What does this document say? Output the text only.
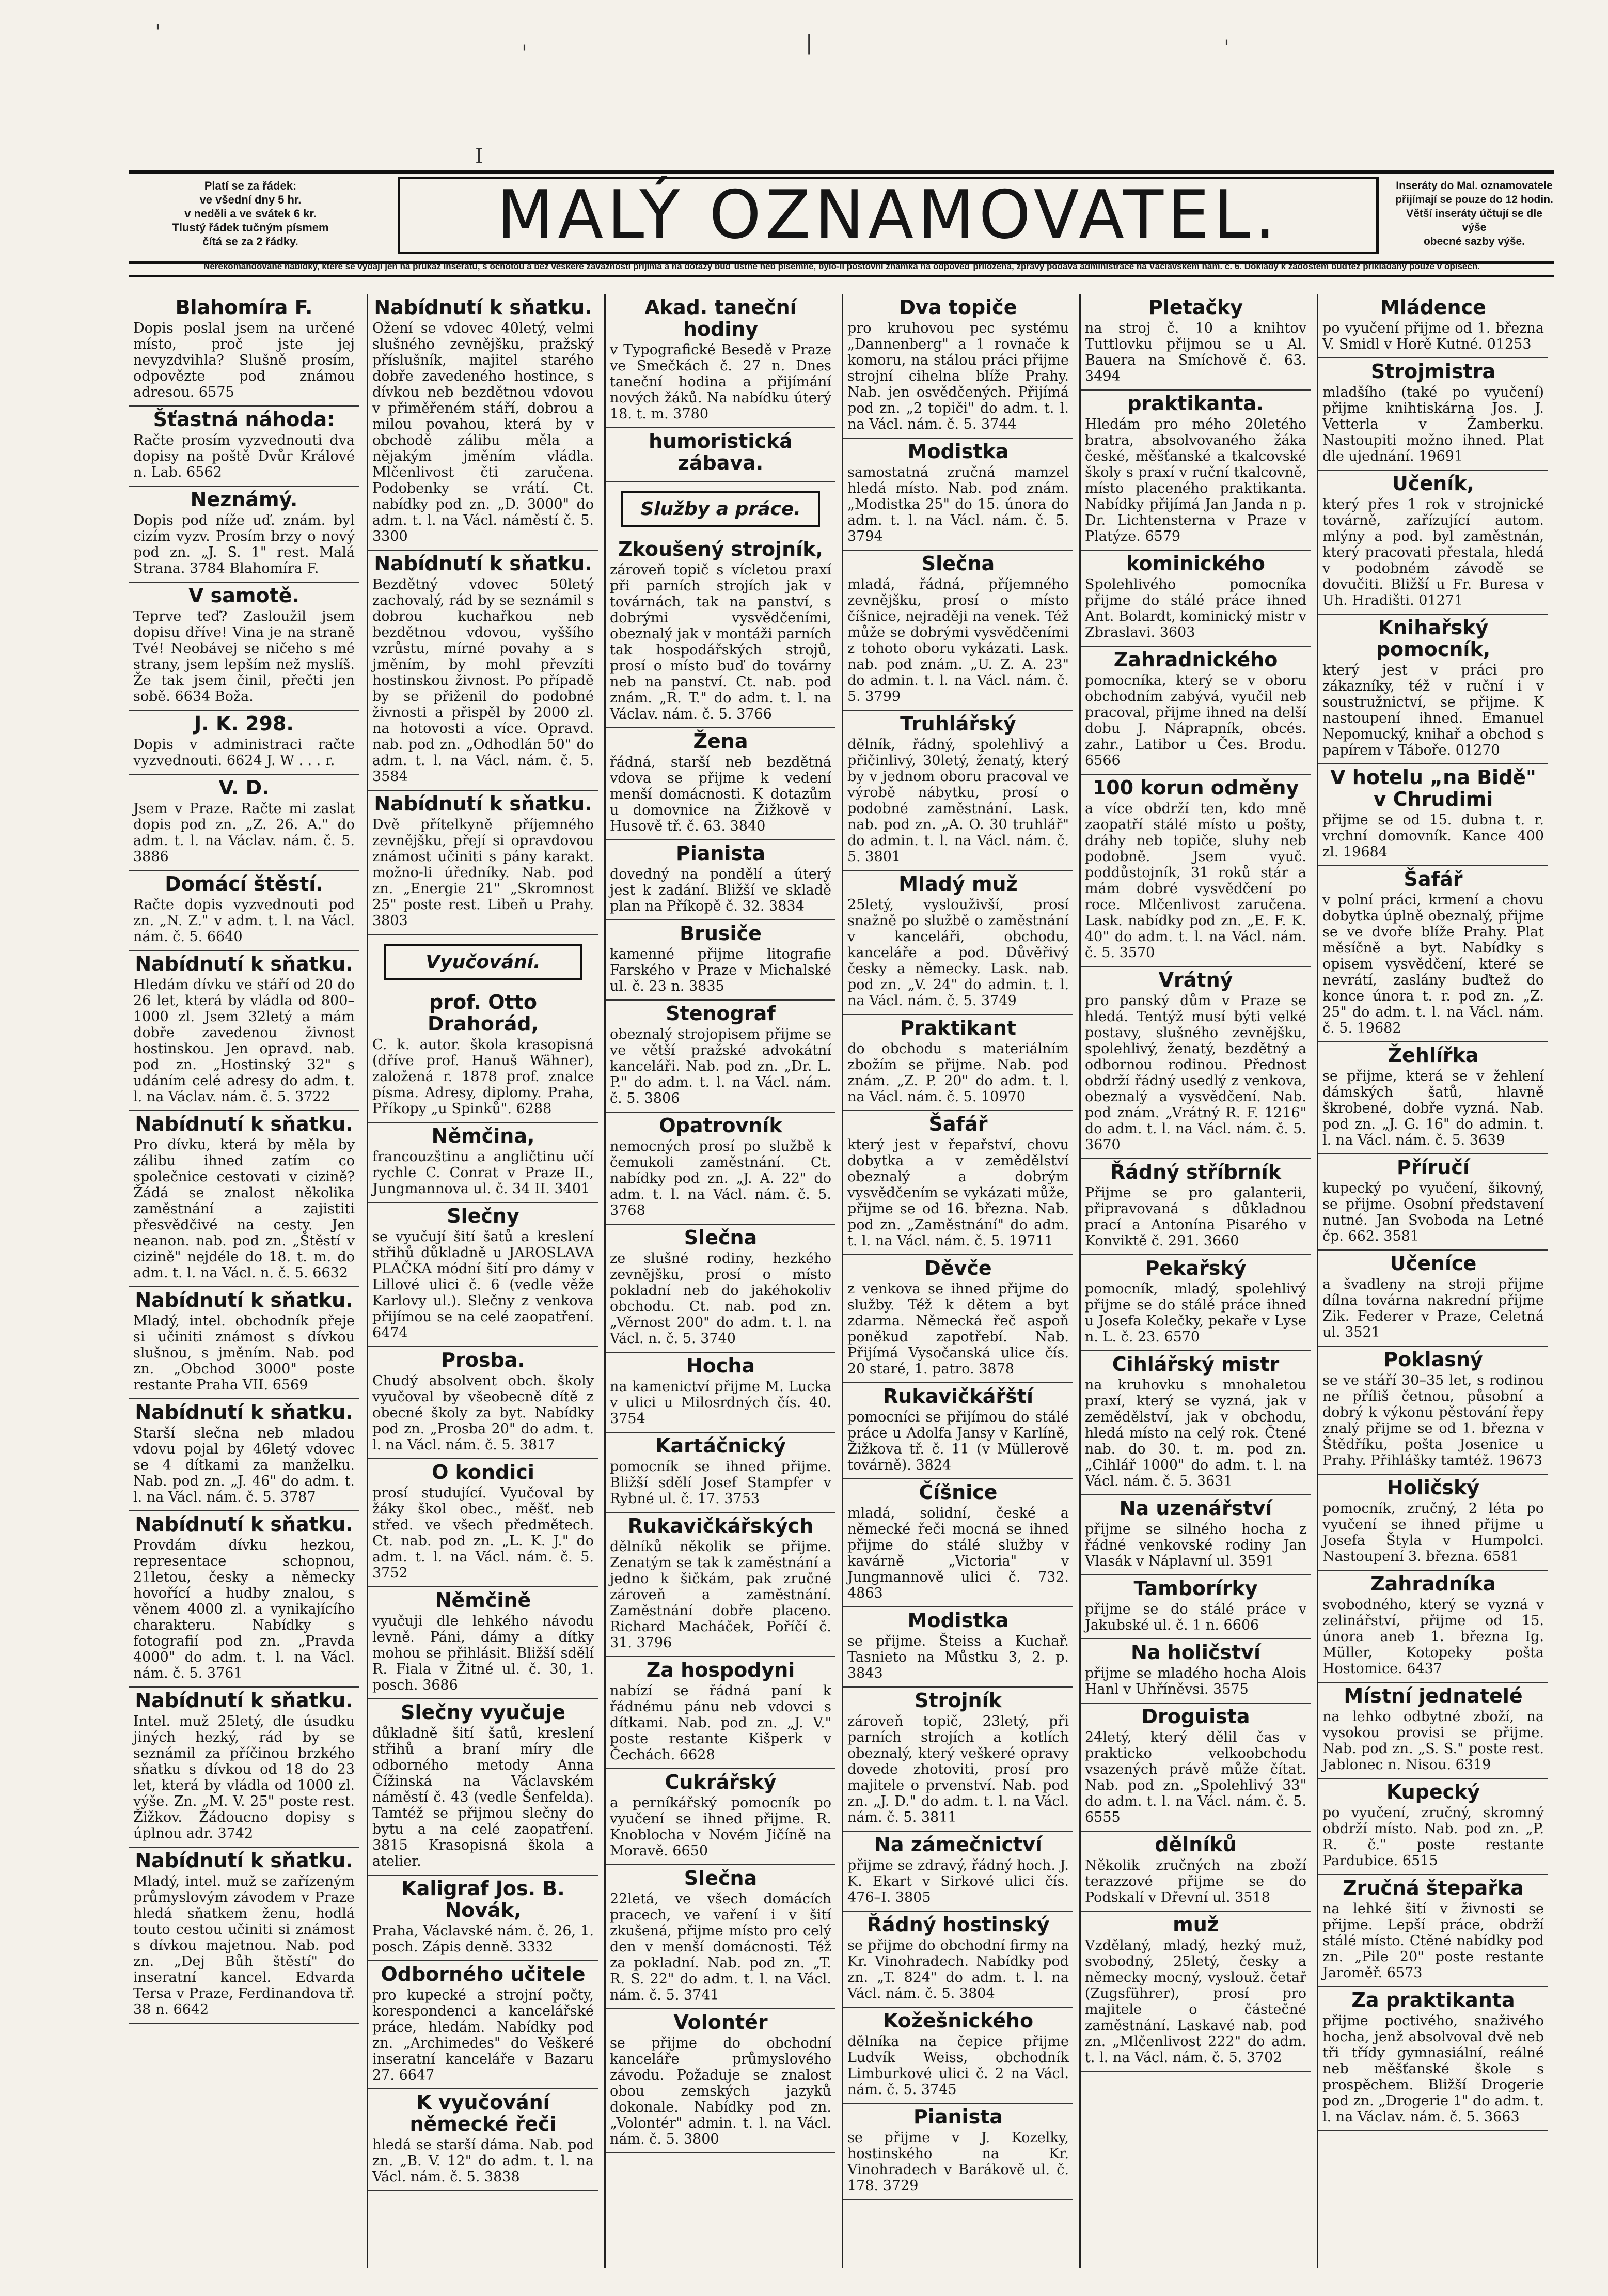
'
'	|	'
I
Platí se za řádek:
ve všední dny 5 hr.
v neděli a ve svátek 6 kr.
Tlustý řádek tučným písmem
čítá se za 2 řádky.	MALÝ OZNAMOVATEL.	Inseráty do Mal. oznamovatele
přijímají se pouze do 12 hodin.
Větší inseráty účtují se dle výše
obecné sazby výše.
Nerekomandované nabídky, které se vydají jen na průkaz inserátu, s ochotou a bez veškeré závaznosti přijímá a na dotazy buď ústně neb písemně, bylo-li poštovní známka na odpověď přiložena, zprávy podává administrace na Václavském nám. č. 6. Doklady k žádostem buďtež přikládány pouze v opisech.
Blahomíra F.

Dopis poslal jsem na určené místo, proč jste jej nevyzdvihla? Slušně prosím, odpovězte pod známou adresou. 6575

Šťastná náhoda:

Račte prosím vyzvednouti dva dopisy na poště Dvůr Králové n. Lab. 6562

Neznámý.

Dopis pod níže uď. znám. byl cizím vyzv. Prosím brzy o nový pod zn. „J. S. 1" rest. Malá Strana. 3784 Blahomíra F.

V samotě.

Teprve teď? Zasloužil jsem dopisu dříve! Vina je na straně Tvé! Neobávej se ničeho s mé strany, jsem lepším než myslíš. Že tak jsem činil, přečti jen sobě. 6634 Boža.

J. K. 298.

Dopis v administraci račte vyzvednouti. 6624 J. W . . . r.

V. D.

Jsem v Praze. Račte mi zaslat dopis pod zn. „Z. 26. A." do adm. t. l. na Václav. nám. č. 5. 3886

Domácí štěstí.

Račte dopis vyzvednouti pod zn. „N. Z." v adm. t. l. na Václ. nám. č. 5. 6640

Nabídnutí k sňatku.

Hledám dívku ve stáří od 20 do 26 let, která by vládla od 800–1000 zl. Jsem 32letý a mám dobře zavedenou živnost hostinskou. Jen opravd. nab. pod zn. „Hostinský 32" s udáním celé adresy do adm. t. l. na Václav. nám. č. 5. 3722

Nabídnutí k sňatku.

Pro dívku, která by měla by zálibu ihned zatím co společnice cestovati v cizině? Žádá se znalost několika zaměstnání a zajistiti přesvědčivé na cesty. Jen neanon. nab. pod zn. „Štěstí v cizině" nejdéle do 18. t. m. do adm. t. l. na Václ. n. č. 5. 6632

Nabídnutí k sňatku.

Mladý, intel. obchodník přeje si učiniti známost s dívkou slušnou, s jměním. Nab. pod zn. „Obchod 3000" poste restante Praha VII. 6569

Nabídnutí k sňatku.

Starší slečna neb mladou vdovu pojal by 46letý vdovec se 4 dítkami za manželku. Nab. pod zn. „J. 46" do adm. t. l. na Václ. nám. č. 5. 3787

Nabídnutí k sňatku.

Provdám dívku hezkou, representace schopnou, 21letou, česky a německy hovořící a hudby znalou, s věnem 4000 zl. a vynikajícího charakteru. Nabídky s fotografií pod zn. „Pravda 4000" do adm. t. l. na Václ. nám. č. 5. 3761

Nabídnutí k sňatku.

Intel. muž 25letý, dle úsudku jiných hezký, rád by se seznámil za příčinou brzkého sňatku s dívkou od 18 do 23 let, která by vládla od 1000 zl. výše. Zn. „M. V. 25" poste rest. Žižkov. Žádoucno dopisy s úplnou adr. 3742

Nabídnutí k sňatku.

Mladý, intel. muž se zařízeným průmyslovým závodem v Praze hledá sňatkem ženu, hodlá touto cestou učiniti si známost s dívkou majetnou. Nab. pod zn. „Dej Bůh štěstí" do inseratní kancel. Edvarda Tersa v Praze, Ferdinandova tř. 38 n. 6642

Nabídnutí k sňatku.

Ožení se vdovec 40letý, velmi slušného zevnějšku, pražský příslušník, majitel starého dobře zavedeného hostince, s dívkou neb bezdětnou vdovou v přiměřeném stáří, dobrou a milou povahou, která by v obchodě zálibu měla a nějakým jměním vládla. Mlčenlivost čti zaručena. Podobenky se vrátí. Ct. nabídky pod zn. „D. 3000" do adm. t. l. na Václ. náměstí č. 5. 3300

Nabídnutí k sňatku.

Bezdětný vdovec 50letý zachovalý, rád by se seznámil s dobrou kuchařkou neb bezdětnou vdovou, vyššího vzrůstu, mírné povahy a s jměním, by mohl převzíti hostinskou živnost. Po případě by se přiženil do podobné živnosti a přispěl by 2000 zl. na hotovosti a více. Opravd. nab. pod zn. „Odhodlán 50" do adm. t. l. na Václ. nám. č. 5. 3584

Nabídnutí k sňatku.

Dvě přítelkyně příjemného zevnějšku, přejí si opravdovou známost učiniti s pány karakt. možno-li úředníky. Nab. pod zn. „Energie 21" „Skromnost 25" poste rest. Libeň u Prahy. 3803

Vyučování.
prof. Otto Drahorád,

C. k. autor. škola krasopisná (dříve prof. Hanuš Wähner), založená r. 1878 prof. znalce písma. Adresy, diplomy. Praha, Příkopy „u Spinků". 6288

Němčina,

francouzštinu a angličtinu učí rychle C. Conrat v Praze II., Jungmannova ul. č. 34 II. 3401

Slečny

se vyučují šití šatů a kreslení střihů důkladně u JAROSLAVA PLAČKA módní šití pro dámy v Lillové ulici č. 6 (vedle věže Karlovy ul.). Slečny z venkova přijímou se na celé zaopatření. 6474

Prosba.

Chudý absolvent obch. školy vyučoval by všeobecně dítě z obecné školy za byt. Nabídky pod zn. „Prosba 20" do adm. t. l. na Václ. nám. č. 5. 3817

O kondici

prosí studující. Vyučoval by žáky škol obec., měšť. neb střed. ve všech předmětech. Ct. nab. pod zn. „L. K. J." do adm. t. l. na Václ. nám. č. 5. 3752

Němčině

vyučuji dle lehkého návodu levně. Páni, dámy a dítky mohou se přihlásit. Bližší sdělí R. Fiala v Žitné ul. č. 30, 1. posch. 3686

Slečny vyučuje

důkladně šití šatů, kreslení střihů a braní míry dle odborného metody Anna Čížinská na Václavském náměstí č. 43 (vedle Šenfelda). Tamtéž se přijmou slečny do bytu a na celé zaopatření. 3815 Krasopisná škola a atelier.

Kaligraf Jos. B. Novák,

Praha, Václavské nám. č. 26, 1. posch. Zápis denně. 3332

Odborného učitele

pro kupecké a strojní počty, korespondenci a kancelářské práce, hledám. Nabídky pod zn. „Archimedes" do Veškeré inseratní kanceláře v Bazaru 27. 6647

K vyučování německé řeči

hledá se starší dáma. Nab. pod zn. „B. V. 12" do adm. t. l. na Václ. nám. č. 5. 3838

Akad. taneční hodiny

v Typografické Besedě v Praze ve Smečkách č. 27 n. Dnes taneční hodina a přijímání nových žáků. Na nabídku úterý 18. t. m. 3780

humoristická zábava.
Služby a práce.
Zkoušený strojník,

zároveň topič s vícletou praxí při parních strojích jak v továrnách, tak na panství, s dobrými vysvědčeními, obeznalý jak v montáži parních tak hospodářských strojů, prosí o místo buď do továrny neb na panství. Ct. nab. pod znám. „R. T." do adm. t. l. na Václav. nám. č. 5. 3766

Žena

řádná, starší neb bezdětná vdova se přijme k vedení menší domácnosti. K dotazům u domovnice na Žižkově v Husově tř. č. 63. 3840

Pianista

dovedný na pondělí a úterý jest k zadání. Bližší ve skladě plan na Příkopě č. 32. 3834

Brusiče

kamenné přijme litografie Farského v Praze v Michalské ul. č. 23 n. 3835

Stenograf

obeznalý strojopisem přijme se ve větší pražské advokátní kanceláři. Nab. pod zn. „Dr. L. P." do adm. t. l. na Václ. nám. č. 5. 3806

Opatrovník

nemocných prosí po službě k čemukoli zaměstnání. Ct. nabídky pod zn. „J. A. 22" do adm. t. l. na Václ. nám. č. 5. 3768

Slečna

ze slušné rodiny, hezkého zevnějšku, prosí o místo pokladní neb do jakéhokoliv obchodu. Ct. nab. pod zn. „Věrnost 200" do adm. t. l. na Václ. n. č. 5. 3740

Hocha

na kamenictví přijme M. Lucka v ulici u Milosrdných čís. 40. 3754

Kartáčnický

pomocník se ihned přijme. Bližší sdělí Josef Stampfer v Rybné ul. č. 17. 3753

Rukavičkářských

dělníků několik se přijme. Zenatým se tak k zaměstnání a jedno k šičkám, pak zručné zároveň a zaměstnání. Zaměstnání dobře placeno. Richard Macháček, Poříčí č. 31. 3796

Za hospodyni

nabízí se řádná paní k řádnému pánu neb vdovci s dítkami. Nab. pod zn. „J. V." poste restante Kišperk v Čechách. 6628

Cukrářský

a perníkářský pomocník po vyučení se ihned přijme. R. Knoblocha v Novém Jičíně na Moravě. 6650

Slečna

22letá, ve všech domácích pracech, ve vaření i v šití zkušená, přijme místo pro celý den v menší domácnosti. Též za pokladní. Nab. pod zn. „T. R. S. 22" do adm. t. l. na Václ. nám. č. 5. 3741

Volontér

se přijme do obchodní kanceláře průmyslového závodu. Požaduje se znalost obou zemských jazyků dokonale. Nabídky pod zn. „Volontér" admin. t. l. na Václ. nám. č. 5. 3800

Dva topiče

pro kruhovou pec systému „Dannenberg" a 1 rovnače k komoru, na stálou práci přijme strojní cihelna blíže Prahy. Nab. jen osvědčených. Přijímá pod zn. „2 topiči" do adm. t. l. na Václ. nám. č. 5. 3744

Modistka

samostatná zručná mamzel hledá místo. Nab. pod znám. „Modistka 25" do 15. února do adm. t. l. na Václ. nám. č. 5. 3794

Slečna

mladá, řádná, příjemného zevnějšku, prosí o místo číšnice, nejraději na venek. Též může se dobrými vysvědčeními z tohoto oboru vykázati. Lask. nab. pod znám. „U. Z. A. 23" do admin. t. l. na Václ. nám. č. 5. 3799

Truhlářský

dělník, řádný, spolehlivý a přičinlivý, 30letý, ženatý, který by v jednom oboru pracoval ve výrobě nábytku, prosí o podobné zaměstnání. Lask. nab. pod zn. „A. O. 30 truhlář" do admin. t. l. na Václ. nám. č. 5. 3801

Mladý muž

25letý, vyslouživší, prosí snažně po službě o zaměstnání v kanceláři, obchodu, kanceláře a pod. Důvěřivý česky a německy. Lask. nab. pod zn. „V. 24" do admin. t. l. na Václ. nám. č. 5. 3749

Praktikant

do obchodu s materiálním zbožím se přijme. Nab. pod znám. „Z. P. 20" do adm. t. l. na Václ. nám. č. 5. 10970

Šafář

který jest v řepařství, chovu dobytka a v zemědělství obeznalý a dobrým vysvědčením se vykázati může, přijme se od 16. března. Nab. pod zn. „Zaměstnání" do adm. t. l. na Václ. nám. č. 5. 19711

Děvče

z venkova se ihned přijme do služby. Též k dětem a byt zdarma. Německá řeč aspoň poněkud zapotřebí. Nab. Přijímá Vysočanská ulice čís. 20 staré, 1. patro. 3878

Rukavičkářští

pomocníci se přijímou do stálé práce u Adolfa Jansy v Karlíně, Žižkova tř. č. 11 (v Müllerově továrně). 3824

Číšnice

mladá, solidní, české a německé řeči mocná se ihned přijme do stálé služby v kavárně „Victoria" v Jungmannově ulici č. 732. 4863

Modistka

se přijme. Šteiss a Kuchař. Tasnieto na Můstku 3, 2. p. 3843

Strojník

zároveň topič, 23letý, při parních strojích a kotlích obeznalý, který veškeré opravy dovede zhotoviti, prosí pro majitele o prvenství. Nab. pod zn. „J. D." do adm. t. l. na Václ. nám. č. 5. 3811

Na zámečnictví

přijme se zdravý, řádný hoch. J. K. Ekart v Sirkové ulici čís. 476–I. 3805

Řádný hostinský

se přijme do obchodní firmy na Kr. Vinohradech. Nabídky pod zn. „T. 824" do adm. t. l. na Václ. nám. č. 5. 3804

Kožešnického

dělníka na čepice přijme Ludvík Weiss, obchodník Limburkové ulici č. 2 na Václ. nám. č. 5. 3745

Pianista

se přijme v J. Kozelky, hostinského na Kr. Vinohradech v Barákově ul. č. 178. 3729

Pletačky

na stroj č. 10 a knihtov Tuttlovku přijmou se u Al. Bauera na Smíchově č. 63. 3494

praktikanta.

Hledám pro mého 20letého bratra, absolvovaného žáka české, měšťanské a tkalcovské školy s praxí v ruční tkalcovně, místo placeného praktikanta. Nabídky přijímá Jan Janda n p. Dr. Lichtensterna v Praze v Platýze. 6579

kominického

Spolehlivého pomocníka přijme do stálé práce ihned Ant. Bolardt, kominický mistr v Zbraslavi. 3603

Zahradnického

pomocníka, který se v oboru obchodním zabývá, vyučil neb pracoval, přijme ihned na delší dobu J. Náprapník, obcés. zahr., Latibor u Čes. Brodu. 6566

100 korun odměny

a více obdrží ten, kdo mně zaopatří stálé místo u pošty, dráhy neb topiče, sluhy neb podobně. Jsem vyuč. poddůstojník, 31 roků stár a mám dobré vysvědčení po roce. Mlčenlivost zaručena. Lask. nabídky pod zn. „E. F. K. 40" do adm. t. l. na Václ. nám. č. 5. 3570

Vrátný

pro panský dům v Praze se hledá. Tentýž musí býti velké postavy, slušného zevnějšku, spolehlivý, ženatý, bezdětný a odbornou rodinou. Přednost obdrží řádný usedlý z venkova, obeznalý a vysvědčení. Nab. pod znám. „Vrátný R. F. 1216" do adm. t. l. na Václ. nám. č. 5. 3670

Řádný stříbrník

Přijme se pro galanterii, připravovaná s důkladnou prací a Antonína Pisarého v Konviktě č. 291. 3660

Pekařský

pomocník, mladý, spolehlivý přijme se do stálé práce ihned u Josefa Kolečky, pekaře v Lyse n. L. č. 23. 6570

Cihlářský mistr

na kruhovku s mnohaletou praxí, který se vyzná, jak v zemědělství, jak v obchodu, hledá místo na celý rok. Čtené nab. do 30. t. m. pod zn. „Cihlář 1000" do adm. t. l. na Václ. nám. č. 5. 3631

Na uzenářství

přijme se silného hocha z řádné venkovské rodiny Jan Vlasák v Náplavní ul. 3591

Tamborírky

přijme se do stálé práce v Jakubské ul. č. 1 n. 6606

Na holičství

přijme se mladého hocha Alois Hanl v Uhříněvsi. 3575

Droguista

24letý, který dělil čas v prakticko velkoobchodu vsazených právě může čítat. Nab. pod zn. „Spolehlivý 33" do adm. t. l. na Václ. nám. č. 5. 6555

dělníků

Několik zručných na zboží terazzové přijme se do Podskalí v Dřevní ul. 3518

muž

Vzdělaný, mladý, hezký muž, svobodný, 25letý, česky a německy mocný, vyslouž. četař (Zugsführer), prosí pro majitele o částečné zaměstnání. Laskavé nab. pod zn. „Mlčenlivost 222" do adm. t. l. na Václ. nám. č. 5. 3702

Mládence

po vyučení přijme od 1. března V. Smidl v Horě Kutné. 01253

Strojmistra

mladšího (také po vyučení) přijme knihtiskárna Jos. J. Vetterla v Žamberku. Nastoupiti možno ihned. Plat dle ujednání. 19691

Učeník,

který přes 1 rok v strojnické továrně, zařízující autom. mlýny a pod. byl zaměstnán, který pracovati přestala, hledá v podobném závodě se dovučiti. Bližší u Fr. Buresa v Uh. Hradišti. 01271

Knihařský pomocník,

který jest v práci pro zákazníky, též v ruční i v soustružnictví, se přijme. K nastoupení ihned. Emanuel Nepomucký, knihař a obchod s papírem v Táboře. 01270

V hotelu „na Bidě" v Chrudimi

přijme se od 15. dubna t. r. vrchní domovník. Kance 400 zl. 19684

Šafář

v polní práci, krmení a chovu dobytka úplně obeznalý, přijme se ve dvoře blíže Prahy. Plat měsíčně a byt. Nabídky s opisem vysvědčení, které se nevrátí, zaslány buďtež do konce února t. r. pod zn. „Z. 25" do adm. t. l. na Václ. nám. č. 5. 19682

Žehlířka

se přijme, která se v žehlení dámských šatů, hlavně škrobené, dobře vyzná. Nab. pod zn. „J. G. 16" do admin. t. l. na Václ. nám. č. 5. 3639

Příručí

kupecký po vyučení, šikovný, se přijme. Osobní představení nutné. Jan Svoboda na Letné čp. 662. 3581

Učeníce

a švadleny na stroji přijme dílna továrna nakrední přijme Zik. Federer v Praze, Celetná ul. 3521

Poklasný

se ve stáří 30–35 let, s rodinou ne příliš četnou, působní a dobrý k výkonu pěstování řepy znalý přijme se od 1. března v Štědříku, pošta Josenice u Prahy. Přihlášky tamtéž. 19673

Holičský

pomocník, zručný, 2 léta po vyučení se ihned přijme u Josefa Štyla v Humpolci. Nastoupení 3. března. 6581

Zahradníka

svobodného, který se vyzná v zelinářství, přijme od 15. února aneb 1. března Ig. Müller, Kotopeky pošta Hostomice. 6437

Místní jednatelé

na lehko odbytné zboží, na vysokou provisi se přijme. Nab. pod zn. „S. S." poste rest. Jablonec n. Nisou. 6319

Kupecký

po vyučení, zručný, skromný obdrží místo. Nab. pod zn. „P. R. č." poste restante Pardubice. 6515

Zručná štepařka

na lehké šití v živnosti se přijme. Lepší práce, obdrží stálé místo. Ctěné nabídky pod zn. „Pile 20" poste restante Jaroměř. 6573

Za praktikanta

přijme poctivého, snaživého hocha, jenž absolvoval dvě neb tři třídy gymnasiální, reálné neb měšťanské škole s prospěchem. Bližší Drogerie pod zn. „Drogerie 1" do adm. t. l. na Václav. nám. č. 5. 3663
